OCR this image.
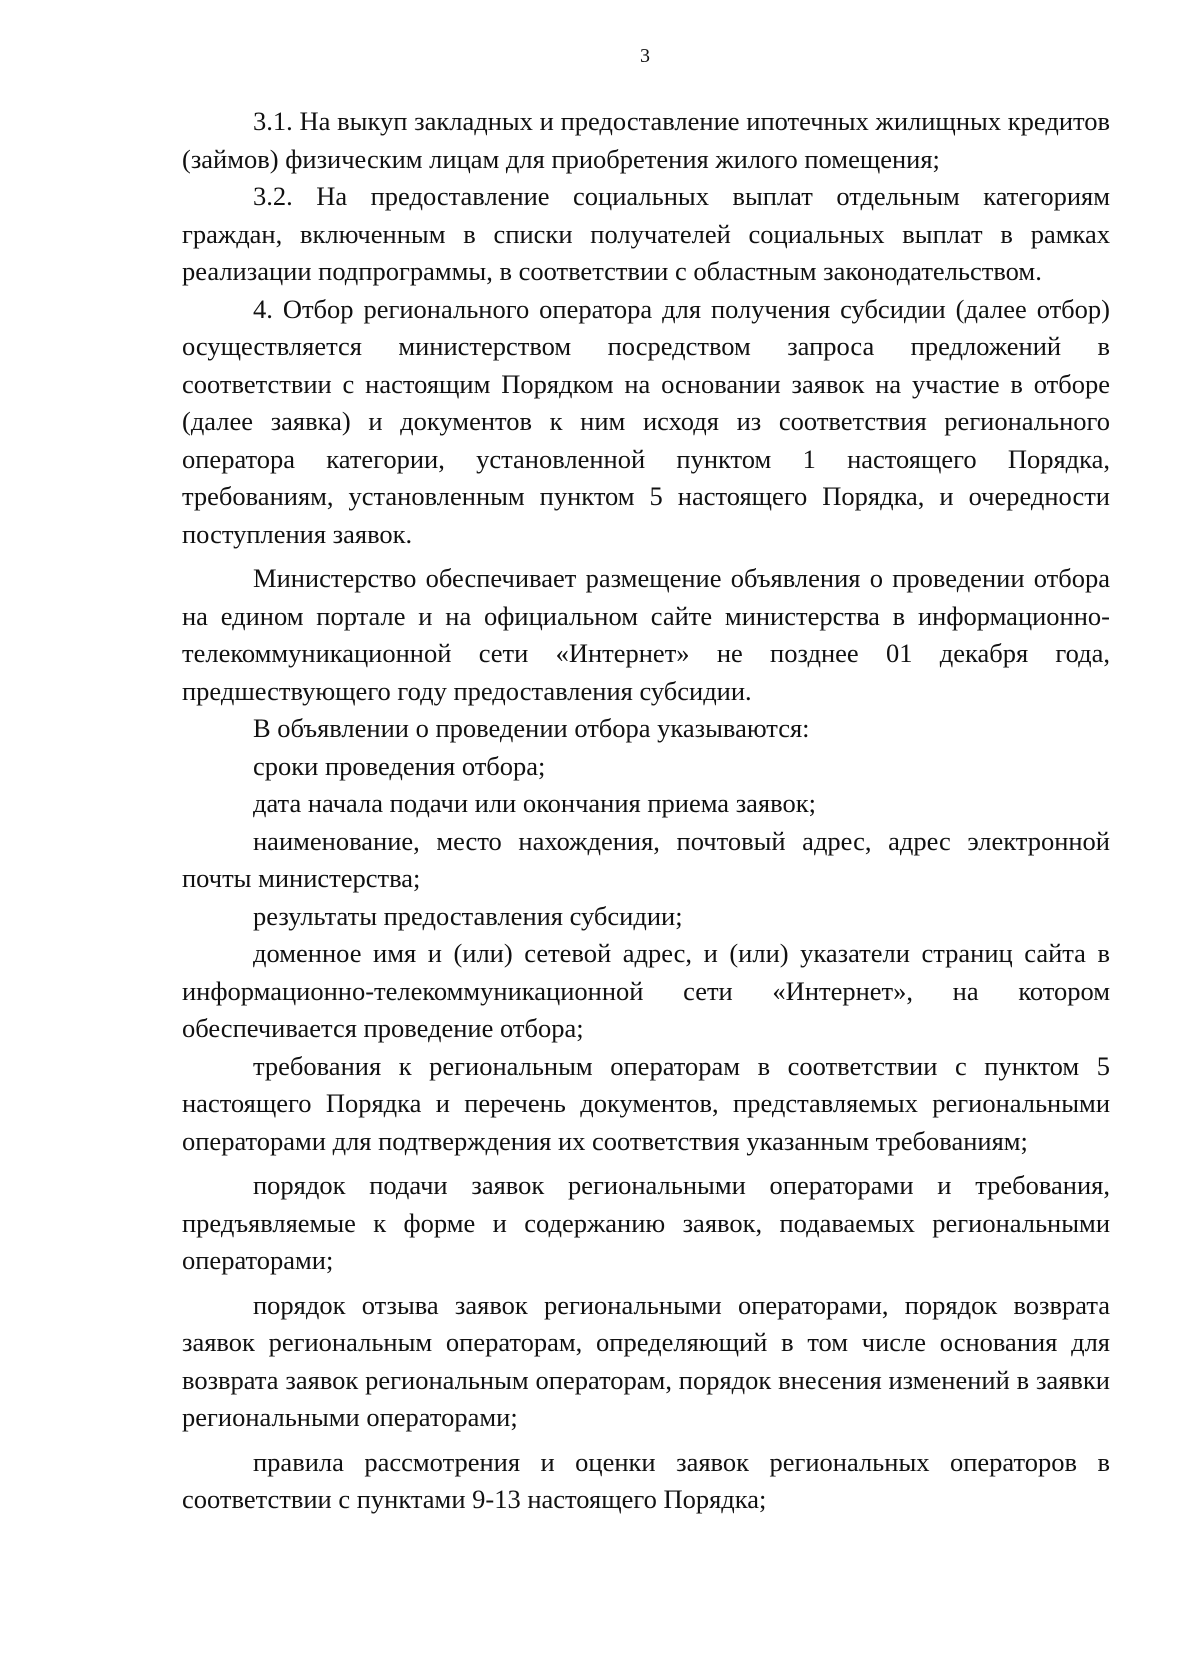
3

3.1. На выкуп закладных и предоставление ипотечных жилищных кредитов (займов) физическим лицам для приобретения жилого помещения;

3.2. На предоставление социальных выплат отдельным категориям граждан, включенным в списки получателей социальных выплат в рамках реализации подпрограммы, в соответствии с областным законодательством.

4. Отбор регионального оператора для получения субсидии (далее отбор) осуществляется министерством посредством запроса предложений в соответствии с настоящим Порядком на основании заявок на участие в отборе (далее заявка) и документов к ним исходя из соответствия регионального оператора категории, установленной пунктом 1 настоящего Порядка, требованиям, установленным пунктом 5 настоящего Порядка, и очередности поступления заявок.

Министерство обеспечивает размещение объявления о проведении отбора на едином портале и на официальном сайте министерства в информационно-телекоммуникационной сети «Интернет» не позднее 01 декабря года, предшествующего году предоставления субсидии.

В объявлении о проведении отбора указываются:

сроки проведения отбора;

дата начала подачи или окончания приема заявок;

наименование, место нахождения, почтовый адрес, адрес электронной почты министерства;

результаты предоставления субсидии;

доменное имя и (или) сетевой адрес, и (или) указатели страниц сайта в информационно-телекоммуникационной сети «Интернет», на котором обеспечивается проведение отбора;

требования к региональным операторам в соответствии с пунктом 5 настоящего Порядка и перечень документов, представляемых региональными операторами для подтверждения их соответствия указанным требованиям;

порядок подачи заявок региональными операторами и требования, предъявляемые к форме и содержанию заявок, подаваемых региональными операторами;

порядок отзыва заявок региональными операторами, порядок возврата заявок региональным операторам, определяющий в том числе основания для возврата заявок региональным операторам, порядок внесения изменений в заявки региональными операторами;

правила рассмотрения и оценки заявок региональных операторов в соответствии с пунктами 9-13 настоящего Порядка;
